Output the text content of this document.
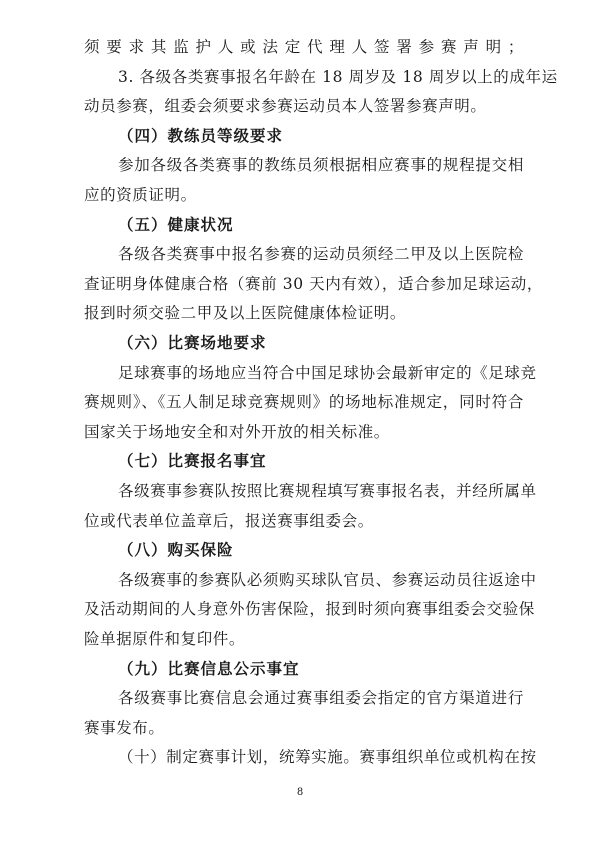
须要求其监护人或法定代理人签署参赛声明；
3. 各级各类赛事报名年龄在 18 周岁及 18 周岁以上的成年运
动员参赛，组委会须要求参赛运动员本人签署参赛声明。
（四）教练员等级要求
参加各级各类赛事的教练员须根据相应赛事的规程提交相
应的资质证明。
（五）健康状况
各级各类赛事中报名参赛的运动员须经二甲及以上医院检
查证明身体健康合格（赛前 30 天内有效），适合参加足球运动，
报到时须交验二甲及以上医院健康体检证明。
（六）比赛场地要求
足球赛事的场地应当符合中国足球协会最新审定的《足球竞
赛规则》、《五人制足球竞赛规则》的场地标准规定，同时符合
国家关于场地安全和对外开放的相关标准。
（七）比赛报名事宜
各级赛事参赛队按照比赛规程填写赛事报名表，并经所属单
位或代表单位盖章后，报送赛事组委会。
（八）购买保险
各级赛事的参赛队必须购买球队官员、参赛运动员往返途中
及活动期间的人身意外伤害保险，报到时须向赛事组委会交验保
险单据原件和复印件。
（九）比赛信息公示事宜
各级赛事比赛信息会通过赛事组委会指定的官方渠道进行
赛事发布。
（十）制定赛事计划，统筹实施。赛事组织单位或机构在按
8
